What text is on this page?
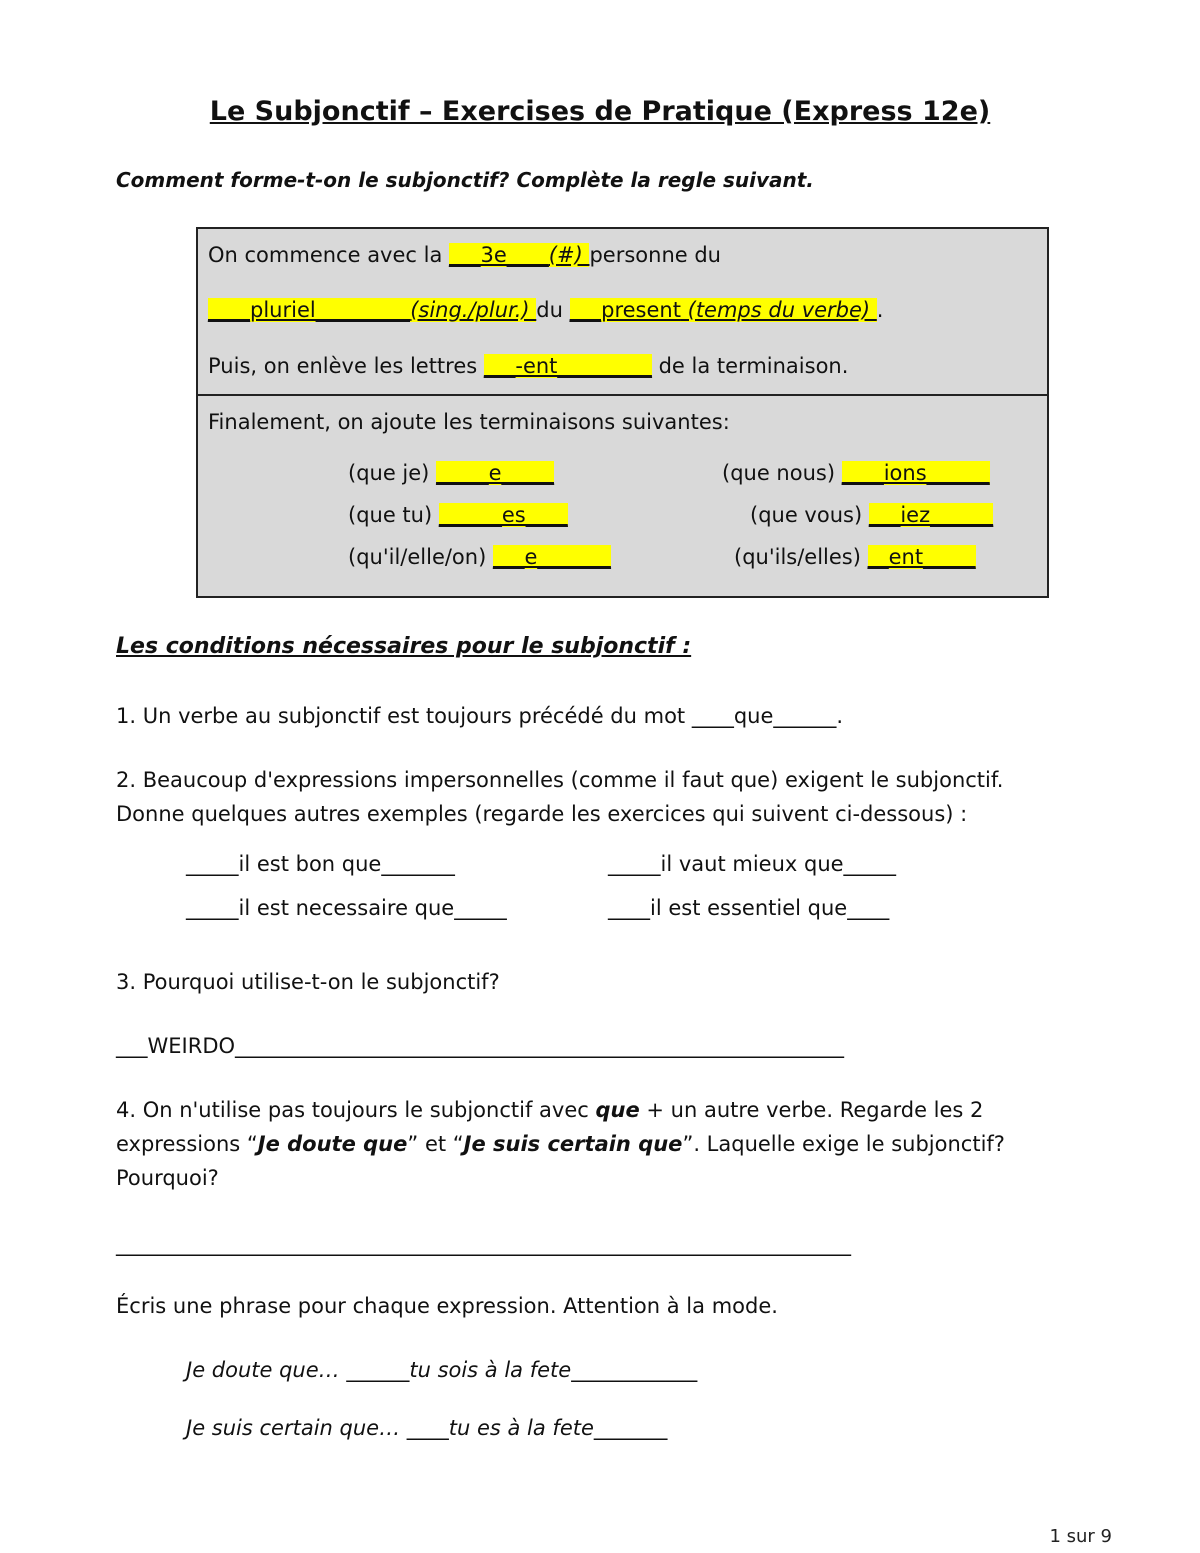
Le Subjonctif – Exercises de Pratique (Express 12e)
Comment forme-t-on le subjonctif? Complète la regle suivant.
On commence avec la ___3e____(#) personne du
____pluriel_________(sing./plur.) du ___present (temps du verbe) .
Puis, on enlève les lettres ___-ent_________ de la terminaison.
Finalement, on ajoute les terminaisons suivantes:
(que je) _____e_____	(que nous) ____ions______
(que tu) ______es____	(que vous) ___iez______
(qu'il/elle/on) ___e_______	(qu'ils/elles) __ent_____
Les conditions nécessaires pour le subjonctif :
1. Un verbe au subjonctif est toujours précédé du mot ____que______.
2. Beaucoup d'expressions impersonnelles (comme il faut que) exigent le subjonctif.
Donne quelques autres exemples (regarde les exercices qui suivent ci-dessous) :
_____il est bon que_______	_____il vaut mieux que_____
_____il est necessaire que_____	____il est essentiel que____
3. Pourquoi utilise-t-on le subjonctif?
___WEIRDO__________________________________________________________
4. On n'utilise pas toujours le subjonctif avec que + un autre verbe. Regarde les 2
expressions “Je doute que” et “Je suis certain que”. Laquelle exige le subjonctif?
Pourquoi?
______________________________________________________________________
Écris une phrase pour chaque expression. Attention à la mode.
Je doute que… ______tu sois à la fete____________
Je suis certain que… ____tu es à la fete_______
1 sur 9
